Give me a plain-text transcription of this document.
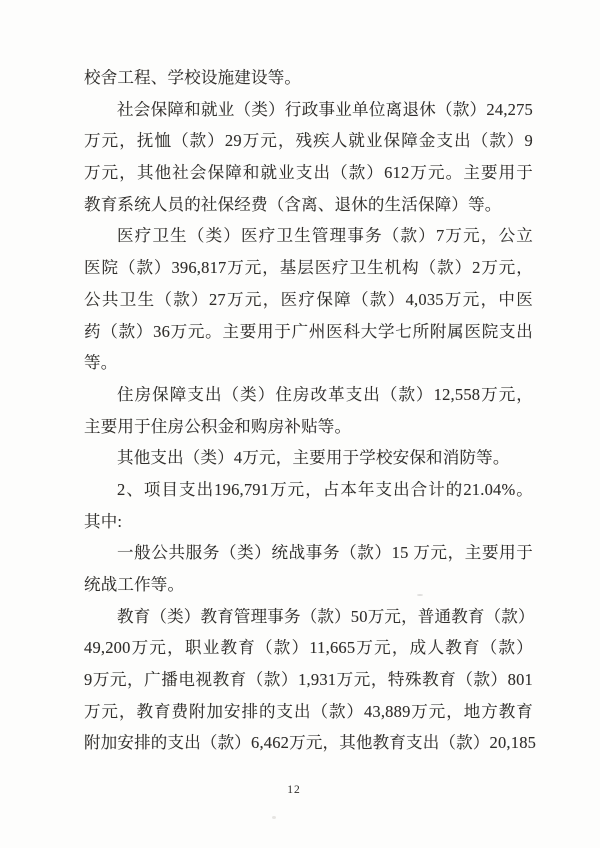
校舍工程、学校设施建设等。
社会保障和就业（类）行政事业单位离退休（款）24,275
万元，抚恤（款）29万元，残疾人就业保障金支出（款）9
万元，其他社会保障和就业支出（款）612万元。主要用于
教育系统人员的社保经费（含离、退休的生活保障）等。
医疗卫生（类）医疗卫生管理事务（款）7万元，公立
医院（款）396,817万元，基层医疗卫生机构（款）2万元，
公共卫生（款）27万元，医疗保障（款）4,035万元，中医
药（款）36万元。主要用于广州医科大学七所附属医院支出
等。
住房保障支出（类）住房改革支出（款）12,558万元，
主要用于住房公积金和购房补贴等。
其他支出（类）4万元，主要用于学校安保和消防等。
2、项目支出196,791万元，占本年支出合计的21.04%。
其中:
一般公共服务（类）统战事务（款）15 万元，主要用于
统战工作等。
教育（类）教育管理事务（款）50万元，普通教育（款）
49,200万元，职业教育（款）11,665万元，成人教育（款）
9万元，广播电视教育（款）1,931万元，特殊教育（款）801
万元，教育费附加安排的支出（款）43,889万元，地方教育
附加安排的支出（款）6,462万元，其他教育支出（款）20,185
12
